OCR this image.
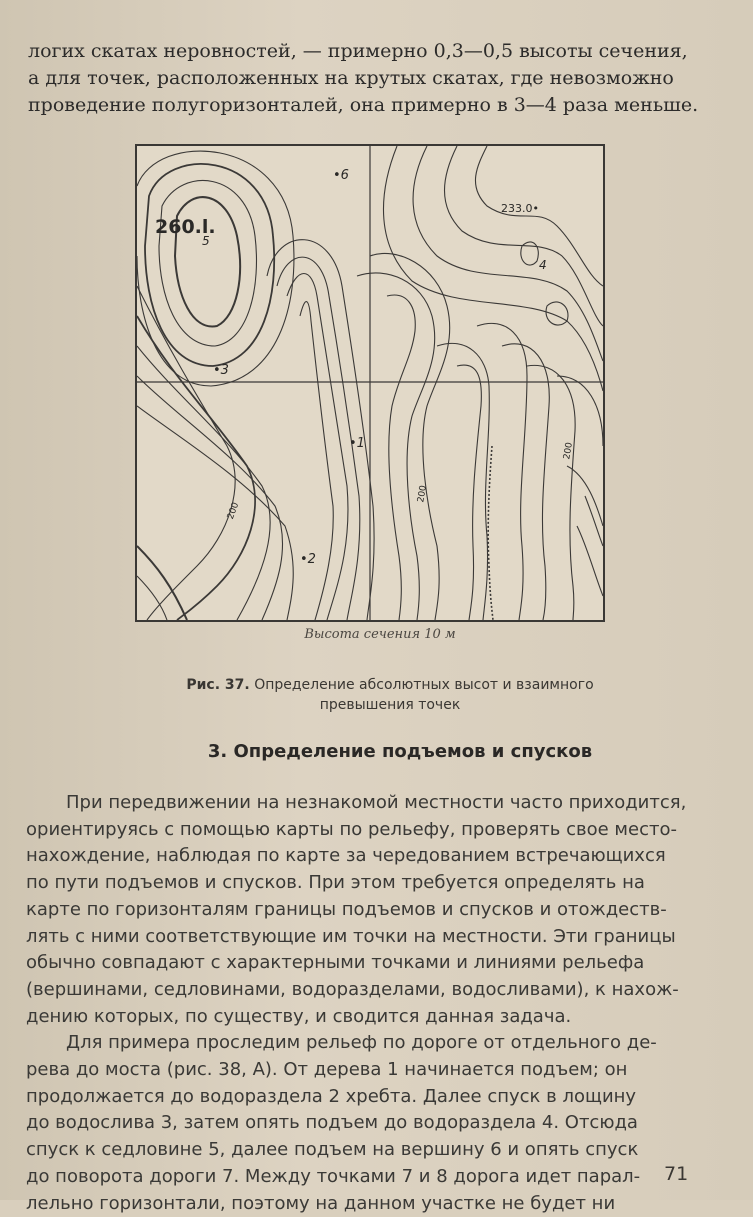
логих скатах неровностей, — примерно 0,3—0,5 высоты сечения,
а для точек, расположенных на крутых скатах, где невозможно
проведение полугоризонталей, она примерно в 3—4 раза меньше.
260.l.
5
•6
233.0•
4
•3
•1
•2
200
200
200
Высота сечения 10 м
Рис. 37. Определение абсолютных высот и взаимного
превышения точек
3. Определение подъемов и спусков
При передвижении на незнакомой местности часто приходится,
ориентируясь с помощью карты по рельефу, проверять свое место-
нахождение, наблюдая по карте за чередованием встречающихся
по пути подъемов и спусков. При этом требуется определять на
карте по горизонталям границы подъемов и спусков и отождеств-
лять с ними соответствующие им точки на местности. Эти границы
обычно совпадают с характерными точками и линиями рельефа
(вершинами, седловинами, водоразделами, водосливами), к нахож-
дению которых, по существу, и сводится данная задача.
Для примера проследим рельеф по дороге от отдельного де-
рева до моста (рис. 38, А). От дерева 1 начинается подъем; он
продолжается до водораздела 2 хребта. Далее спуск в лощину
до водослива 3, затем опять подъем до водораздела 4. Отсюда
спуск к седловине 5, далее подъем на вершину 6 и опять спуск
до поворота дороги 7. Между точками 7 и 8 дорога идет парал-
лельно горизонтали, поэтому на данном участке не будет ни
71
